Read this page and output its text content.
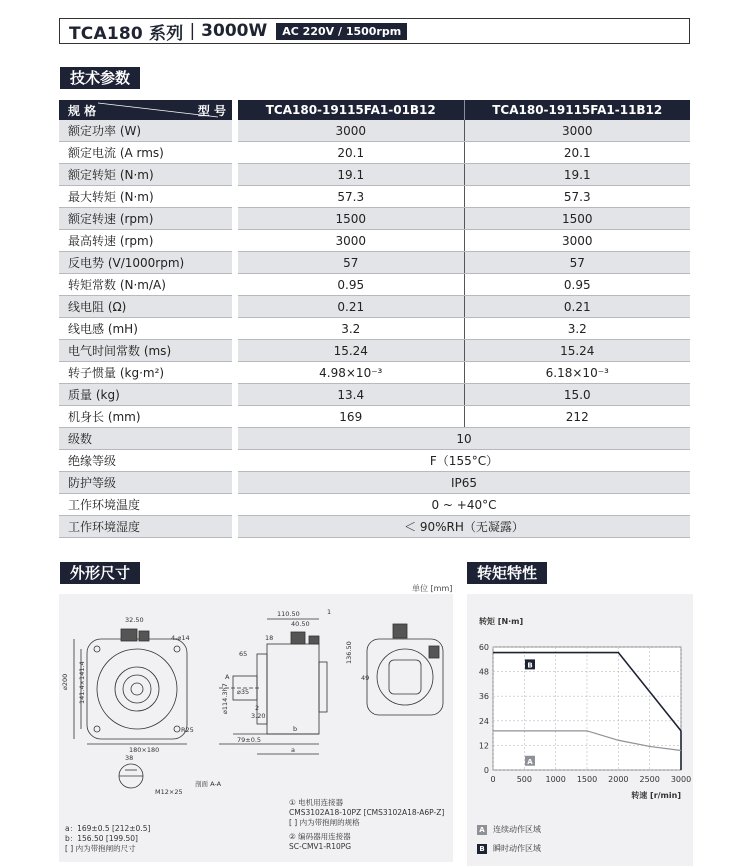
TCA180 系列 | 3000W	AC 220V / 1500rpm
技术参数
规 格 型 号		TCA180-19115FA1-01B12	TCA180-19115FA1-11B12
额定功率 (W)		3000	3000
额定电流 (A rms)		20.1	20.1
额定转矩 (N·m)		19.1	19.1
最大转矩 (N·m)		57.3	57.3
额定转速 (rpm)		1500	1500
最高转速 (rpm)		3000	3000
反电势 (V/1000rpm)		57	57
转矩常数 (N·m/A)		0.95	0.95
线电阻 (Ω)		0.21	0.21
线电感 (mH)		3.2	3.2
电气时间常数 (ms)		15.24	15.24
转子惯量 (kg·m²)		4.98×10⁻³	6.18×10⁻³
质量 (kg)		13.4	15.0
机身长 (mm)		169	212
级数		10	
绝缘等级		F（155°C）	
防护等级		IP65	
工作环境温度		0 ~ +40°C	
工作环境湿度		＜ 90%RH（无凝露）	
外形尺寸	转矩特性
单位 [mm]
32.50
4-⌀14
⌀200 141.4×141.4
180×180
R25
110.50
18
40.50
65
⌀114.3h7 ⌀35
3.20
79±0.5
b
a
136.50
49
38
M12×25
A
剖面 A-A
1
2
a：169±0.5 [212±0.5]
b：156.50 [199.50]
[ ] 内为带抱闸的尺寸
① 电机用连接器
CMS3102A18-10PZ [CMS3102A18-A6P-Z]
[ ] 内为带抱闸的规格
② 编码器用连接器
SC-CMV1-R10PG
0
12
24
36
48
60
0	500 1000 1500 2000 2500 3000
转矩 [N·m]
转速 [r/min]
B
A
A 连续动作区域
B 瞬时动作区域
